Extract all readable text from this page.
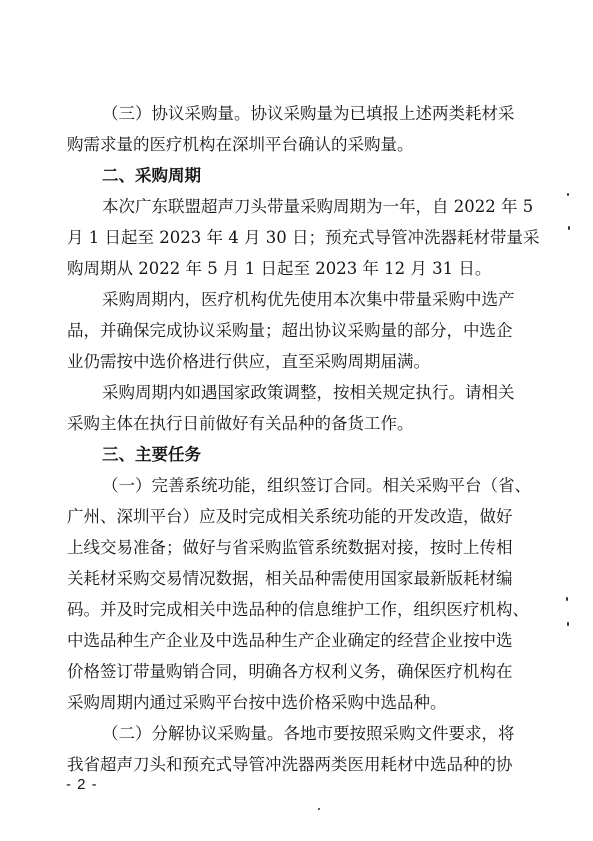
（三）协议采购量。协议采购量为已填报上述两类耗材采
购需求量的医疗机构在深圳平台确认的采购量。
二、采购周期
本次广东联盟超声刀头带量采购周期为一年，自 2022 年 5
月 1 日起至 2023 年 4 月 30 日；预充式导管冲洗器耗材带量采
购周期从 2022 年 5 月 1 日起至 2023 年 12 月 31 日。
采购周期内，医疗机构优先使用本次集中带量采购中选产
品，并确保完成协议采购量；超出协议采购量的部分，中选企
业仍需按中选价格进行供应，直至采购周期届满。
采购周期内如遇国家政策调整，按相关规定执行。请相关
采购主体在执行日前做好有关品种的备货工作。
三、主要任务
（一）完善系统功能，组织签订合同。相关采购平台（省、
广州、深圳平台）应及时完成相关系统功能的开发改造，做好
上线交易准备；做好与省采购监管系统数据对接，按时上传相
关耗材采购交易情况数据，相关品种需使用国家最新版耗材编
码。并及时完成相关中选品种的信息维护工作，组织医疗机构、
中选品种生产企业及中选品种生产企业确定的经营企业按中选
价格签订带量购销合同，明确各方权利义务，确保医疗机构在
采购周期内通过采购平台按中选价格采购中选品种。
（二）分解协议采购量。各地市要按照采购文件要求，将
我省超声刀头和预充式导管冲洗器两类医用耗材中选品种的协
- 2 -
